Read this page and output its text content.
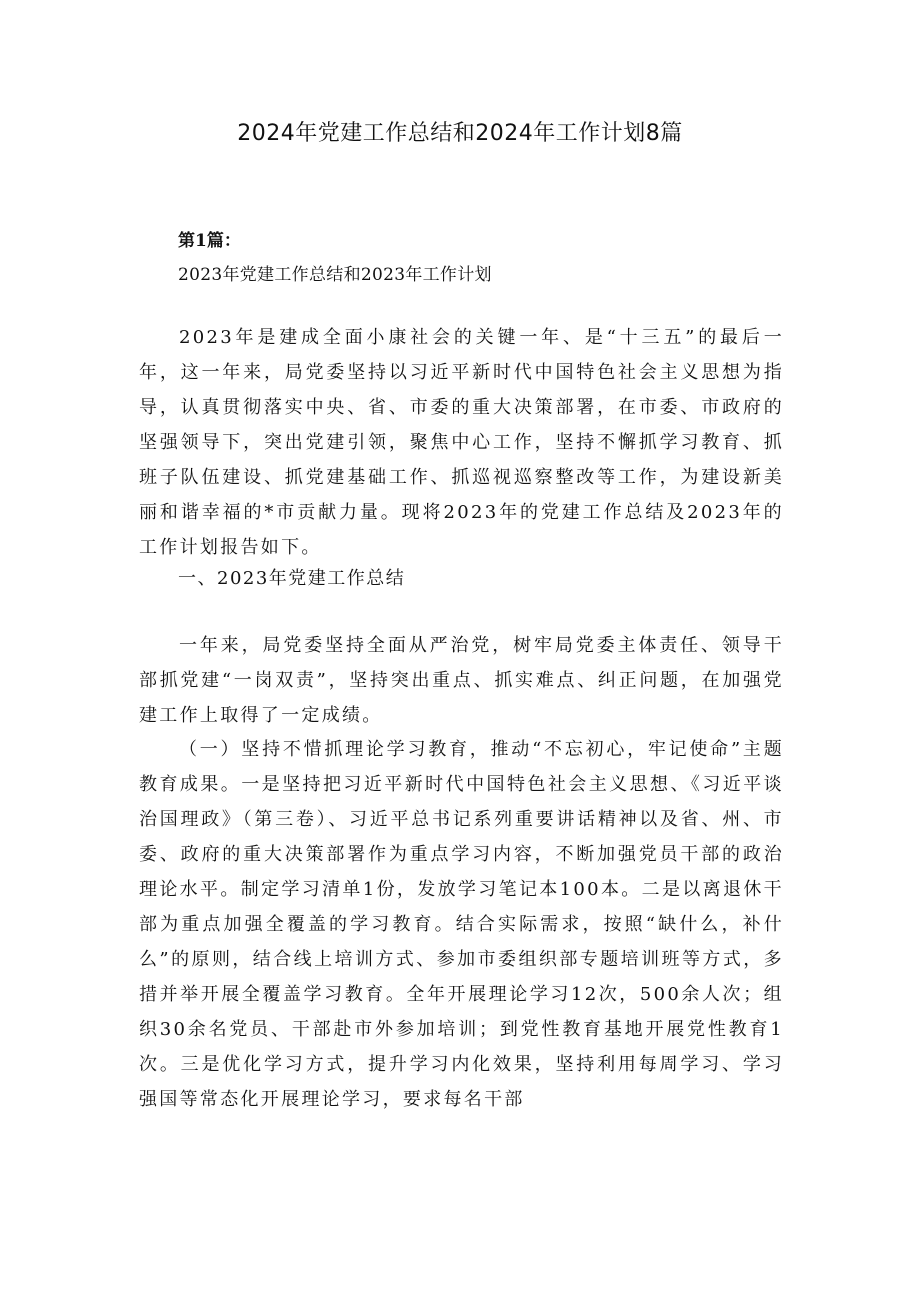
2024年党建工作总结和2024年工作计划8篇
第1篇：
2023年党建工作总结和2023年工作计划

2023年是建成全面小康社会的关键一年、是“十三五”的最后一年，这一年来，局党委坚持以习近平新时代中国特色社会主义思想为指导，认真贯彻落实中央、省、市委的重大决策部署，在市委、市政府的坚强领导下，突出党建引领，聚焦中心工作，坚持不懈抓学习教育、抓班子队伍建设、抓党建基础工作、抓巡视巡察整改等工作，为建设新美丽和谐幸福的*市贡献力量。现将2023年的党建工作总结及2023年的工作计划报告如下。

一、2023年党建工作总结

一年来，局党委坚持全面从严治党，树牢局党委主体责任、领导干部抓党建“一岗双责”，坚持突出重点、抓实难点、纠正问题，在加强党建工作上取得了一定成绩。

（一）坚持不惜抓理论学习教育，推动“不忘初心，牢记使命”主题教育成果。一是坚持把习近平新时代中国特色社会主义思想、《习近平谈治国理政》（第三卷）、习近平总书记系列重要讲话精神以及省、州、市委、政府的重大决策部署作为重点学习内容，不断加强党员干部的政治理论水平。制定学习清单1份，发放学习笔记本100本。二是以离退休干部为重点加强全覆盖的学习教育。结合实际需求，按照“缺什么，补什么”的原则，结合线上培训方式、参加市委组织部专题培训班等方式，多措并举开展全覆盖学习教育。全年开展理论学习12次，500余人次；组织30余名党员、干部赴市外参加培训；到党性教育基地开展党性教育1次。三是优化学习方式，提升学习内化效果，坚持利用每周学习、学习强国等常态化开展理论学习，要求每名干部
